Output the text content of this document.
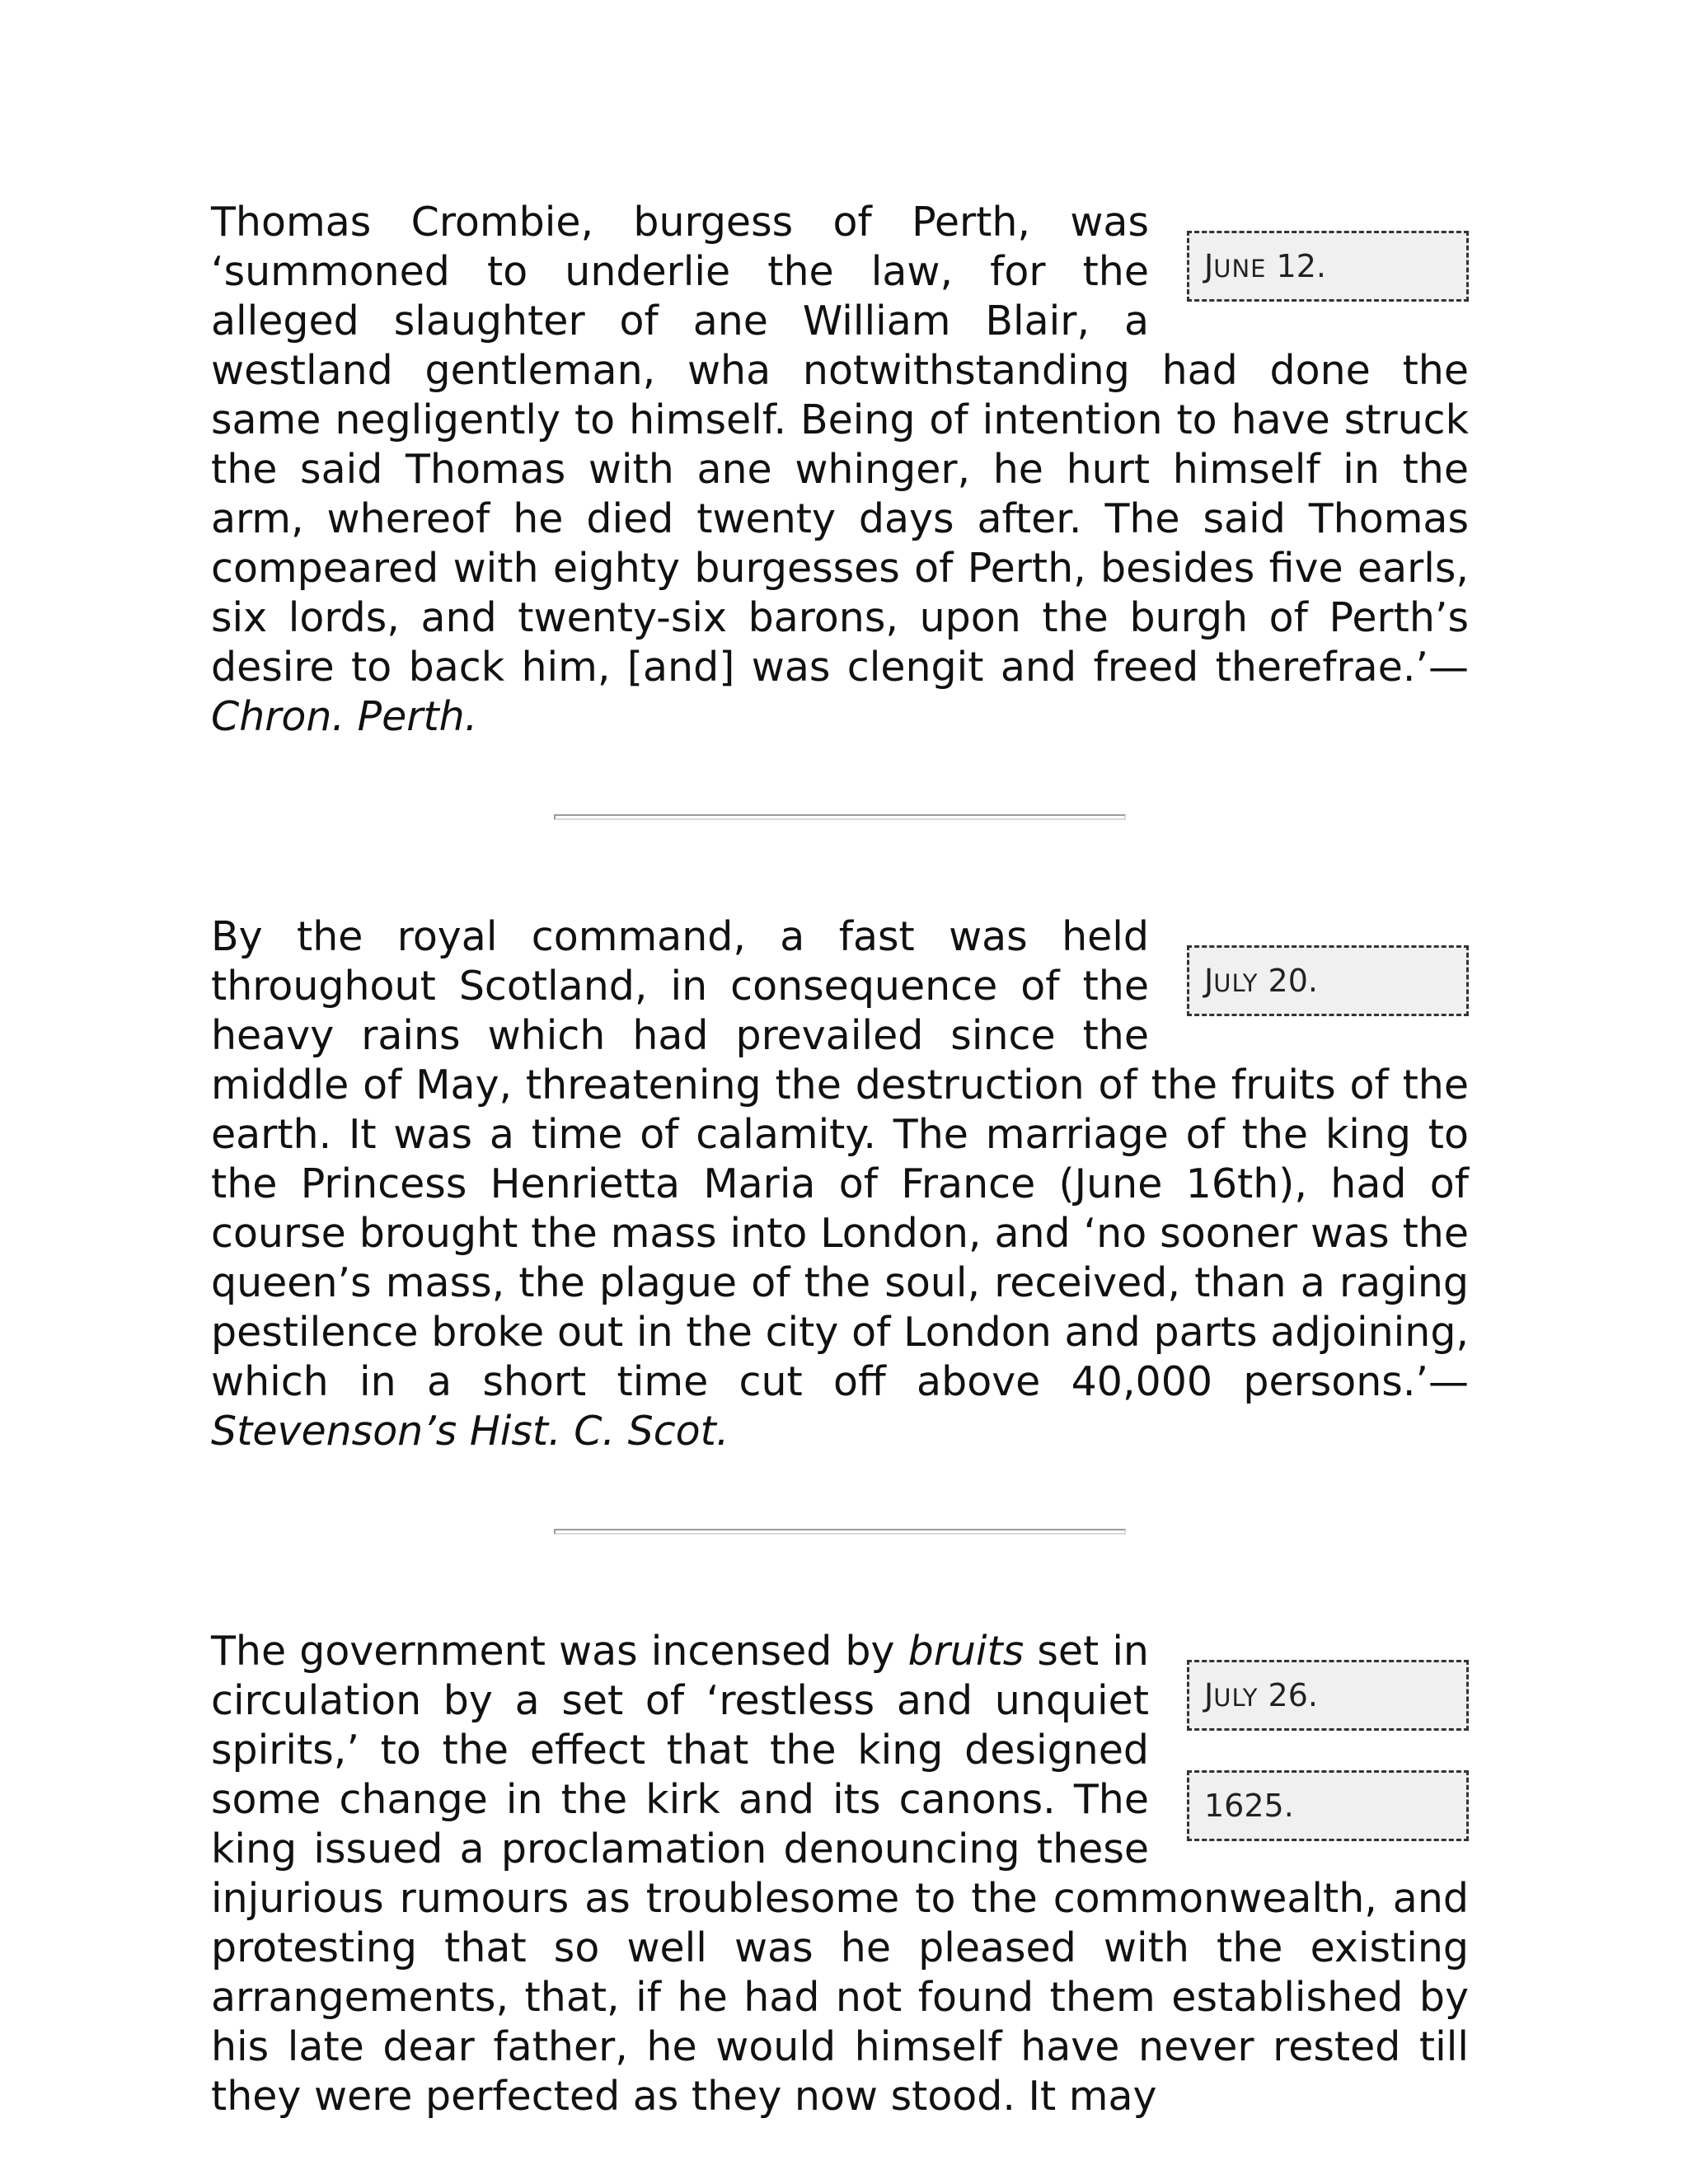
JUNE 12.
Thomas Crombie, burgess of Perth, was ‘summoned to underlie the law, for the alleged slaughter of ane William Blair, a westland gentleman, wha notwithstanding had done the same negligently to himself. Being of intention to have struck the said Thomas with ane whinger, he hurt himself in the arm, whereof he died twenty days after. The said Thomas compeared with eighty burgesses of Perth, besides five earls, six lords, and twenty-six barons, upon the burgh of Perth’s desire to back him, [and] was clengit and freed therefrae.’—Chron. Perth.

JULY 20.
By the royal command, a fast was held throughout Scotland, in consequence of the heavy rains which had prevailed since the middle of May, threatening the destruction of the fruits of the earth. It was a time of calamity. The marriage of the king to the Princess Henrietta Maria of France (June 16th), had of course brought the mass into London, and ‘no sooner was the queen’s mass, the plague of the soul, received, than a raging pestilence broke out in the city of London and parts adjoining, which in a short time cut off above 40,000 persons.’—Stevenson’s Hist. C. Scot.

JULY 26.
1625.
The government was incensed by bruits set in circulation by a set of ‘restless and unquiet spirits,’ to the effect that the king designed some change in the kirk and its canons. The king issued a proclamation denouncing these injurious rumours as troublesome to the commonwealth, and protesting that so well was he pleased with the existing arrangements, that, if he had not found them established by his late dear father, he would himself have never rested till they were perfected as they now stood. It may
